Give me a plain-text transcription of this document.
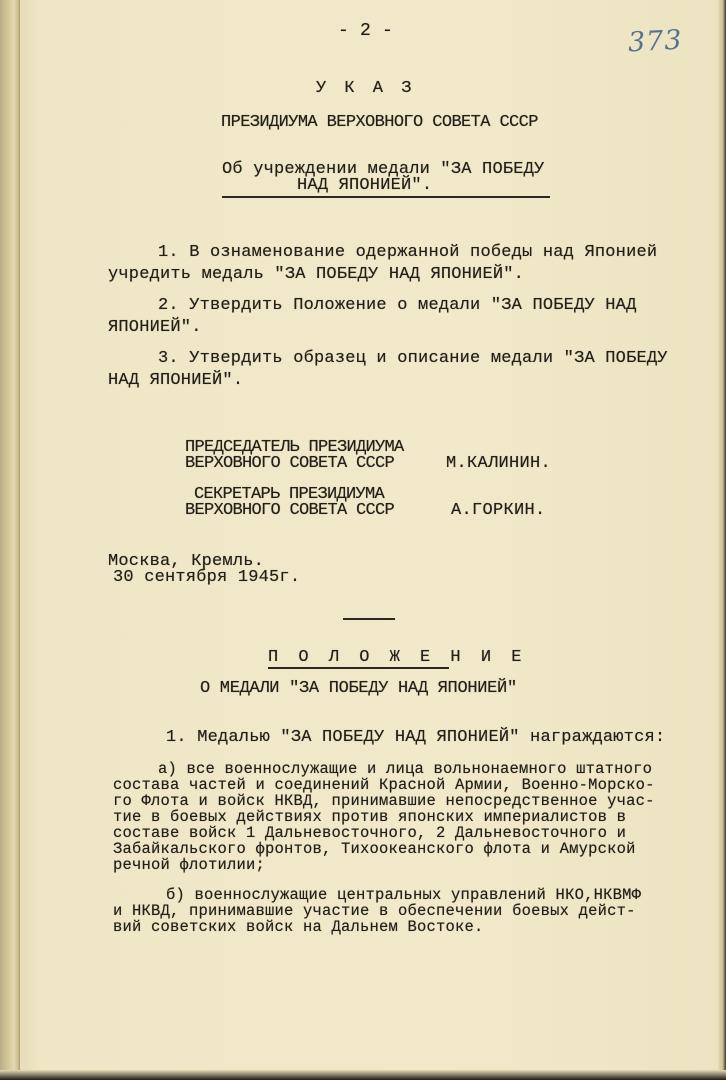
- 2 -	373
У К А З
ПРЕЗИДИУМА ВЕРХОВНОГО СОВЕТА СССР
Об учреждении медали "ЗА ПОБЕДУ
НАД ЯПОНИЕЙ".
1. В ознаменование одержанной победы над Японией
учредить медаль "ЗА ПОБЕДУ НАД ЯПОНИЕЙ".
2. Утвердить Положение о медали "ЗА ПОБЕДУ НАД
ЯПОНИЕЙ".
3. Утвердить образец и описание медали "ЗА ПОБЕДУ
НАД ЯПОНИЕЙ".
ПРЕДСЕДАТЕЛЬ ПРЕЗИДИУМА
ВЕРХОВНОГО СОВЕТА СССР	М.КАЛИНИН.
СЕКРЕТАРЬ ПРЕЗИДИУМА
ВЕРХОВНОГО СОВЕТА СССР	А.ГОРКИН.
Москва, Кремль.
30 сентября 1945г.
П О Л О Ж Е Н И Е
О МЕДАЛИ "ЗА ПОБЕДУ НАД ЯПОНИЕЙ"
1. Медалью "ЗА ПОБЕДУ НАД ЯПОНИЕЙ" награждаются:
а) все военнослужащие и лица вольнонаемного штатного
состава частей и соединений Красной Армии, Военно-Морско-
го Флота и войск НКВД, принимавшие непосредственное учас-
тие в боевых действиях против японских империалистов в
составе войск 1 Дальневосточного, 2 Дальневосточного и
Забайкальского фронтов, Тихоокеанского флота и Амурской
речной флотилии;
б) военнослужащие центральных управлений НКО,НКВМФ
и НКВД, принимавшие участие в обеспечении боевых дейст-
вий советских войск на Дальнем Востоке.
